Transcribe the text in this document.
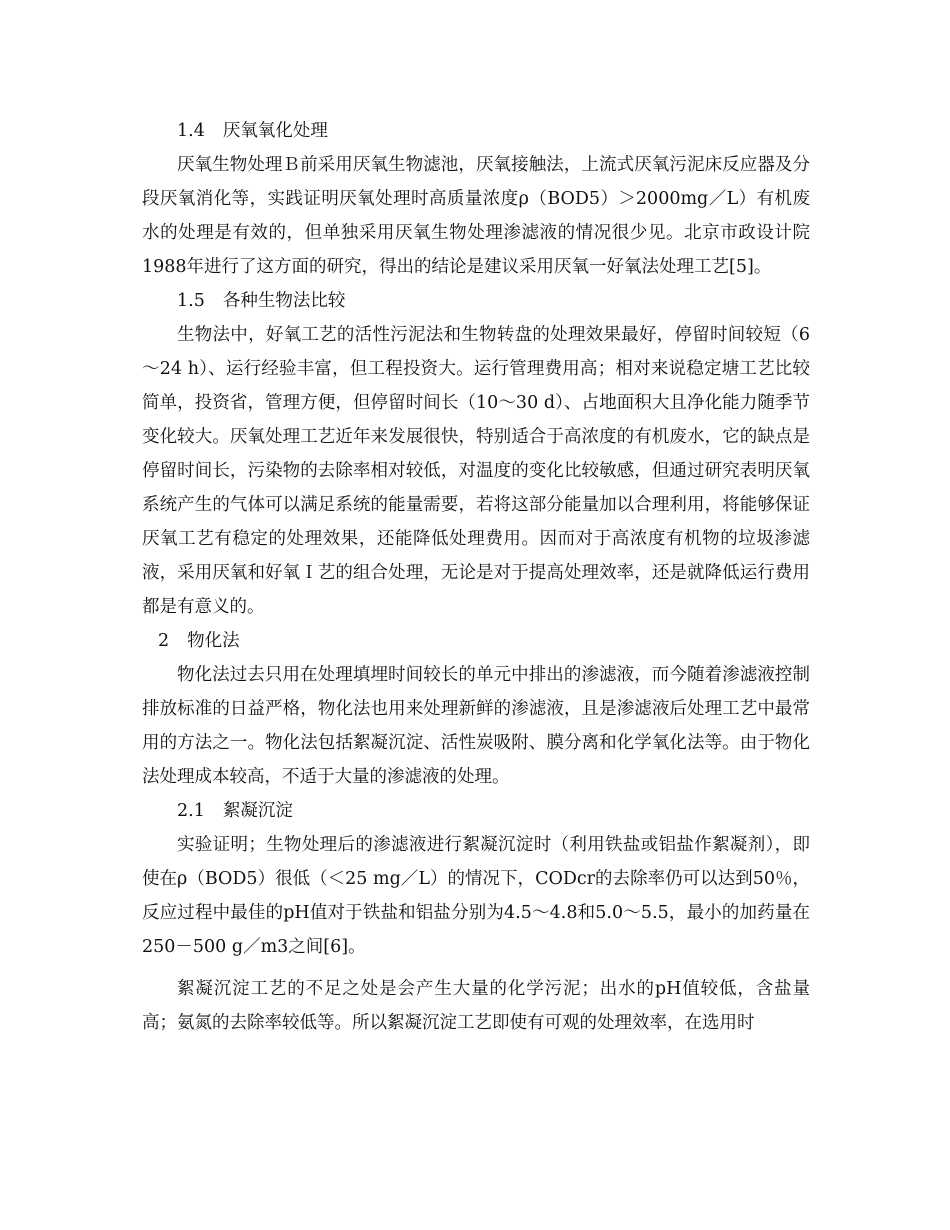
1.4 厌氧氧化处理

厌氧生物处理Ｂ前采用厌氧生物滤池，厌氧接触法，上流式厌氧污泥床反应器及分段厌氧消化等，实践证明厌氧处理时高质量浓度ρ（BOD5）＞2000mg／L）有机废水的处理是有效的，但单独采用厌氧生物处理渗滤液的情况很少见。北京市政设计院1988年进行了这方面的研究，得出的结论是建议采用厌氧一好氧法处理工艺[5]。

1.5 各种生物法比较

生物法中，好氧工艺的活性污泥法和生物转盘的处理效果最好，停留时间较短（6～24 h）、运行经验丰富，但工程投资大。运行管理费用高；相对来说稳定塘工艺比较简单，投资省，管理方便，但停留时间长（10～30 d）、占地面积大且净化能力随季节变化较大。厌氧处理工艺近年来发展很快，特别适合于高浓度的有机废水，它的缺点是停留时间长，污染物的去除率相对较低，对温度的变化比较敏感，但通过研究表明厌氧系统产生的气体可以满足系统的能量需要，若将这部分能量加以合理利用，将能够保证厌氧工艺有稳定的处理效果，还能降低处理费用。因而对于高浓度有机物的垃圾渗滤液，采用厌氧和好氧Ｉ艺的组合处理，无论是对于提高处理效率，还是就降低运行费用都是有意义的。

2 物化法

物化法过去只用在处理填埋时间较长的单元中排出的渗滤液，而今随着渗滤液控制排放标准的日益严格，物化法也用来处理新鲜的渗滤液，且是渗滤液后处理工艺中最常用的方法之一。物化法包括絮凝沉淀、活性炭吸附、膜分离和化学氧化法等。由于物化法处理成本较高，不适于大量的渗滤液的处理。

2.1 絮凝沉淀

实验证明；生物处理后的渗滤液进行絮凝沉淀时（利用铁盐或铝盐作絮凝剂），即使在ρ（BOD5）很低（＜25 mg／L）的情况下，CODcr的去除率仍可以达到50％，反应过程中最佳的pH值对于铁盐和铝盐分别为4.5～4.8和5.0～5.5，最小的加药量在250－500 g／m3之间[6]。

絮凝沉淀工艺的不足之处是会产生大量的化学污泥；出水的pH值较低，含盐量高；氨氮的去除率较低等。所以絮凝沉淀工艺即使有可观的处理效率，在选用时
